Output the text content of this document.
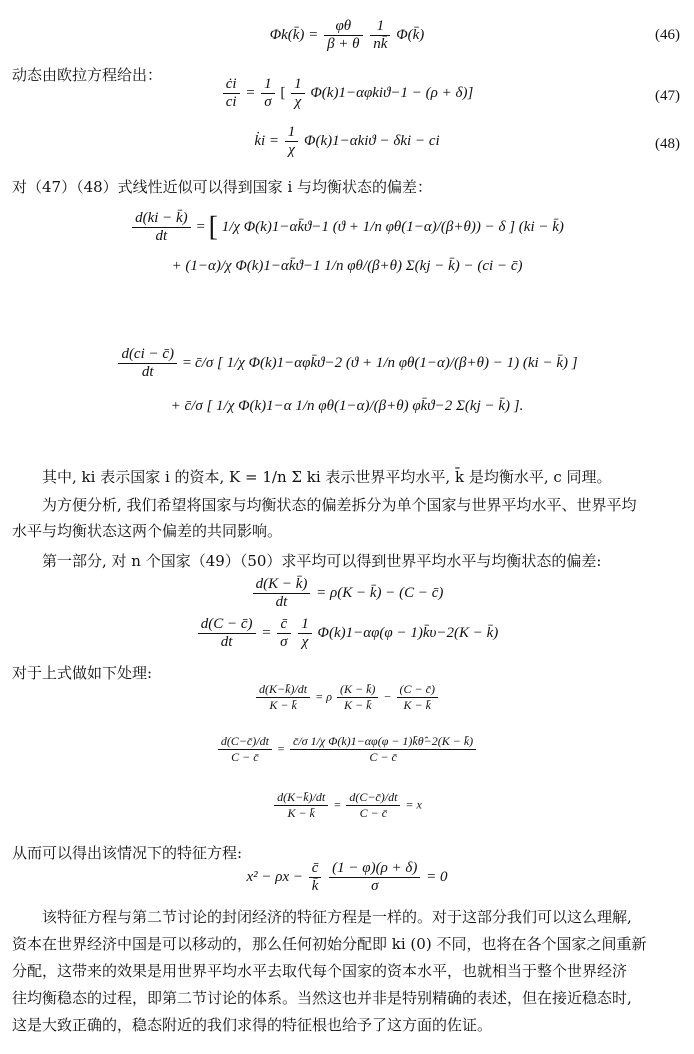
Φk(k̄) = $\frac{\varphi\theta}{\beta + \theta}$
$\frac{1}{nk̄}$ Φ(k̄)	(46)
动态由欧拉方程给出：
$\frac{ċi}{ci} = \frac{1}{\sigma}$ [ $\frac{1}{\chi} \Phi(k)1-\alpha\varphi kiϑ-1 - (\rho + \delta)$]	(47)
k̇i = $\frac{1}{\chi} \Phi(k)1-\alpha kiϑ - \delta ki$ − ci	(48)
对（47）（48）式线性近似可以得到国家 i 与均衡状态的偏差：
$\frac{d(ki - k̄)}{dt}$ = [ 1/χ Φ(k)1−αk̄ϑ−1 (ϑ + 1/n φθ(1−α)/(β+θ)) − δ ] (ki − k̄)
+ (1−α)/χ Φ(k)1−αk̄ϑ−1 1/n φθ/(β+θ) Σ(kj − k̄) − (ci − c̄)
$\frac{d(ci - c̄)}{dt}$ = c̄/σ [ 1/χ Φ(k)1−αφk̄ϑ−2 (ϑ + 1/n φθ(1−α)/(β+θ) − 1) (ki − k̄) ]
+ c̄/σ [ 1/χ Φ(k)1−α 1/n φθ(1−α)/(β+θ) φk̄ϑ−2 Σ(kj − k̄) ].
其中, ki 表示国家 i 的资本, K = 1/n Σ ki 表示世界平均水平, k̄ 是均衡水平, c 同理。
为方便分析, 我们希望将国家与均衡状态的偏差拆分为单个国家与世界平均水平、世界平均
水平与均衡状态这两个偏差的共同影响。
第一部分, 对 n 个国家（49）（50）求平均可以得到世界平均水平与均衡状态的偏差:
$\frac{d(K - k̄)}{dt} = \rho(K$ − k̄) − (C − c̄)
$\frac{d(C - c̄)}{dt} = \frac{c̄}{\sigma}$
$\frac{1}{\chi} \Phi(k)1-\alpha\varphi(\varphi$ − 1)k̄υ−2(K − k̄)
对于上式做如下处理:
$\frac{d(K-k̄)/dt}{K - k̄} = \rho \frac{(K - k̄)}{K - k̄} - \frac{(C - c̄)}{K - k̄}$
$\frac{d(C-c̄)/dt}{C - c̄} = \frac{\text{c̄/σ 1/χ Φ(k)1−αφ(φ − 1)k̄θ̂−2(K − k̄)}}{C - c̄}$
$\frac{d(K-k̄)/dt}{K - k̄} = \frac{d(C-c̄)/dt}{C - c̄} = x$
从而可以得出该情况下的特征方程:
$x^2 - \rho x - \frac{c̄}{k̄}$
$\frac{(1 - \varphi)(\rho + \delta)}{\sigma} = 0$
该特征方程与第二节讨论的封闭经济的特征方程是一样的。对于这部分我们可以这么理解,
资本在世界经济中国是可以移动的，那么任何初始分配即 ki (0) 不同，也将在各个国家之间重新
分配，这带来的效果是用世界平均水平去取代每个国家的资本水平，也就相当于整个世界经济
往均衡稳态的过程，即第二节讨论的体系。当然这也并非是特别精确的表述，但在接近稳态时,
这是大致正确的，稳态附近的我们求得的特征根也给予了这方面的佐证。
